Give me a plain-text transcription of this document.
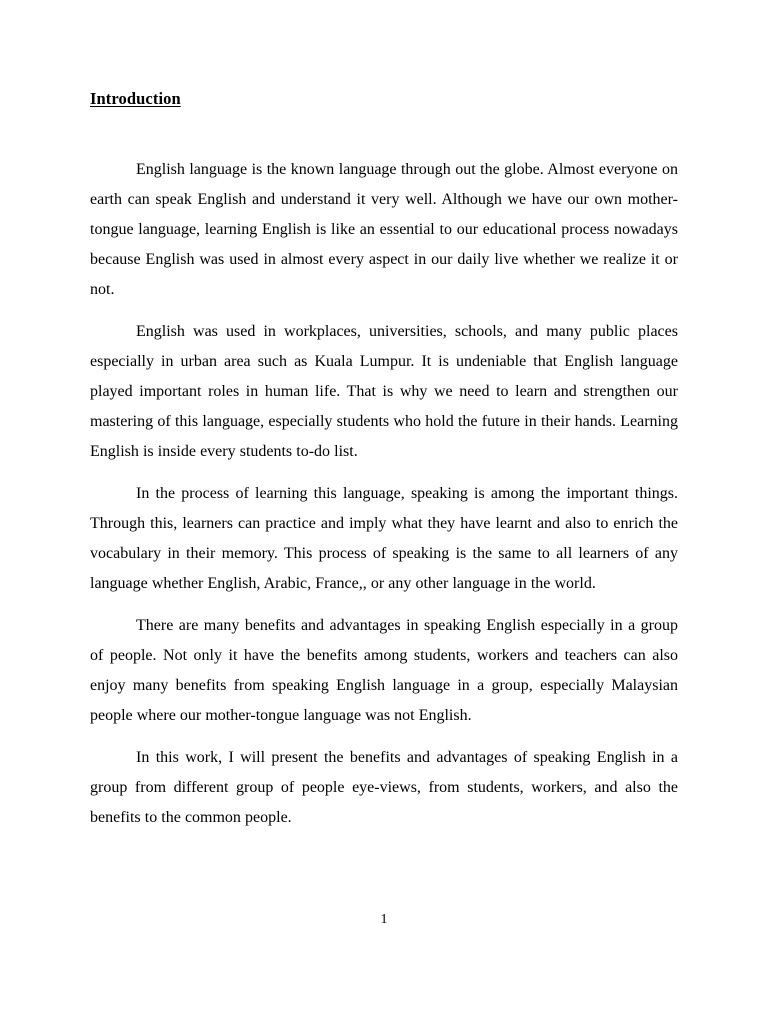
Introduction

English language is the known language through out the globe. Almost everyone on earth can speak English and understand it very well. Although we have our own mother-tongue language, learning English is like an essential to our educational process nowadays because English was used in almost every aspect in our daily live whether we realize it or not.

English was used in workplaces, universities, schools, and many public places especially in urban area such as Kuala Lumpur. It is undeniable that English language played important roles in human life. That is why we need to learn and strengthen our mastering of this language, especially students who hold the future in their hands. Learning English is inside every students to-do list.

In the process of learning this language, speaking is among the important things. Through this, learners can practice and imply what they have learnt and also to enrich the vocabulary in their memory. This process of speaking is the same to all learners of any language whether English, Arabic, France,, or any other language in the world.

There are many benefits and advantages in speaking English especially in a group of people. Not only it have the benefits among students, workers and teachers can also enjoy many benefits from speaking English language in a group, especially Malaysian people where our mother-tongue language was not English.

In this work, I will present the benefits and advantages of speaking English in a group from different group of people eye-views, from students, workers, and also the benefits to the common people.

1
